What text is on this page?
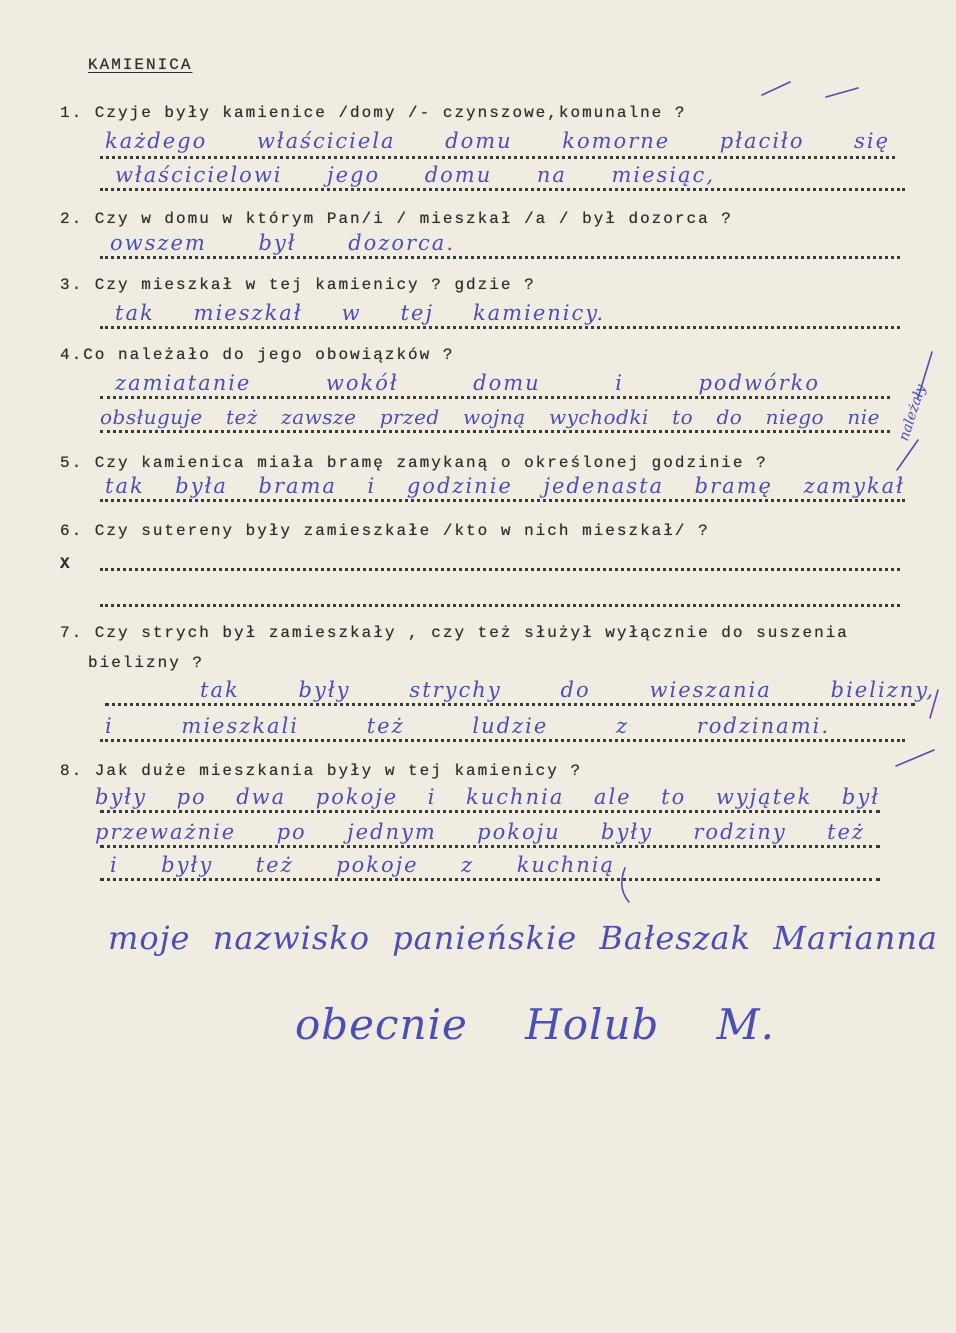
KAMIENICA
1. Czyje były kamienice /domy /- czynszowe,komunalne ?
każdego właściciela domu komorne płaciło się
właścicielowi jego domu na miesiąc,
2. Czy w domu w którym Pan/i / mieszkał /a / był dozorca ?
owszem był dozorca.
3. Czy mieszkał w tej kamienicy ? gdzie ?
tak mieszkał w tej kamienicy.
4.Co należało do jego obowiązków ?
zamiatanie wokół domu i podwórko
obsługuje też zawsze przed wojną wychodki to do niego nie należały
5. Czy kamienica miała bramę zamykaną o określonej godzinie ?
tak była brama i godzinie jedenasta bramę zamykał
6. Czy sutereny były zamieszkałe /kto w nich mieszkał/ ?
X
7. Czy strych był zamieszkały , czy też służył wyłącznie do suszenia
bielizny ?
tak były strychy do wieszania bielizny,
i mieszkali też ludzie z rodzinami.
8. Jak duże mieszkania były w tej kamienicy ?
były po dwa pokoje i kuchnia ale to wyjątek był
przeważnie po jednym pokoju były rodziny też
i były też pokoje z kuchnią
moje nazwisko panieńskie Bałeszak Marianna
obecnie Holub M.
